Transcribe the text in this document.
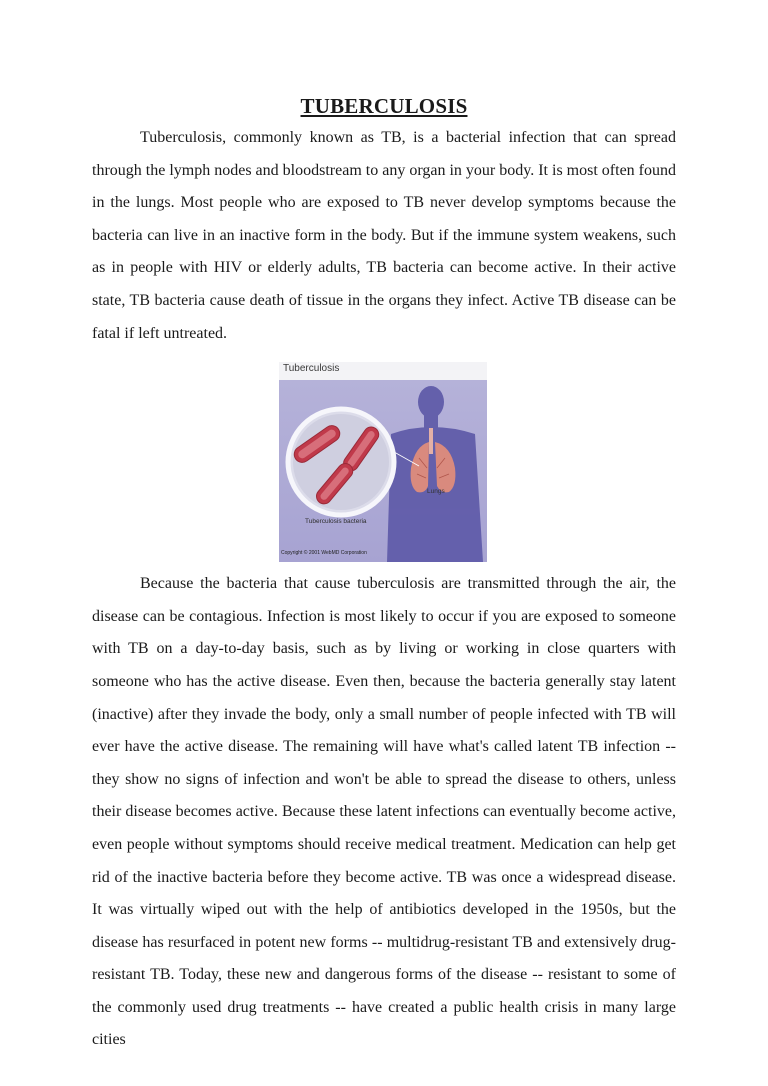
TUBERCULOSIS

Tuberculosis, commonly known as TB, is a bacterial infection that can spread through the lymph nodes and bloodstream to any organ in your body. It is most often found in the lungs. Most people who are exposed to TB never develop symptoms because the bacteria can live in an inactive form in the body. But if the immune system weakens, such as in people with HIV or elderly adults, TB bacteria can become active. In their active state, TB bacteria cause death of tissue in the organs they infect. Active TB disease can be fatal if left untreated.

Tuberculosis
Lungs
Tuberculosis bacteria
Copyright © 2001 WebMD Corporation

Because the bacteria that cause tuberculosis are transmitted through the air, the disease can be contagious. Infection is most likely to occur if you are exposed to someone with TB on a day-to-day basis, such as by living or working in close quarters with someone who has the active disease. Even then, because the bacteria generally stay latent (inactive) after they invade the body, only a small number of people infected with TB will ever have the active disease. The remaining will have what's called latent TB infection -- they show no signs of infection and won't be able to spread the disease to others, unless their disease becomes active. Because these latent infections can eventually become active, even people without symptoms should receive medical treatment. Medication can help get rid of the inactive bacteria before they become active. TB was once a widespread disease. It was virtually wiped out with the help of antibiotics developed in the 1950s, but the disease has resurfaced in potent new forms -- multidrug-resistant TB and extensively drug-resistant TB. Today, these new and dangerous forms of the disease -- resistant to some of the commonly used drug treatments -- have created a public health crisis in many large cities
